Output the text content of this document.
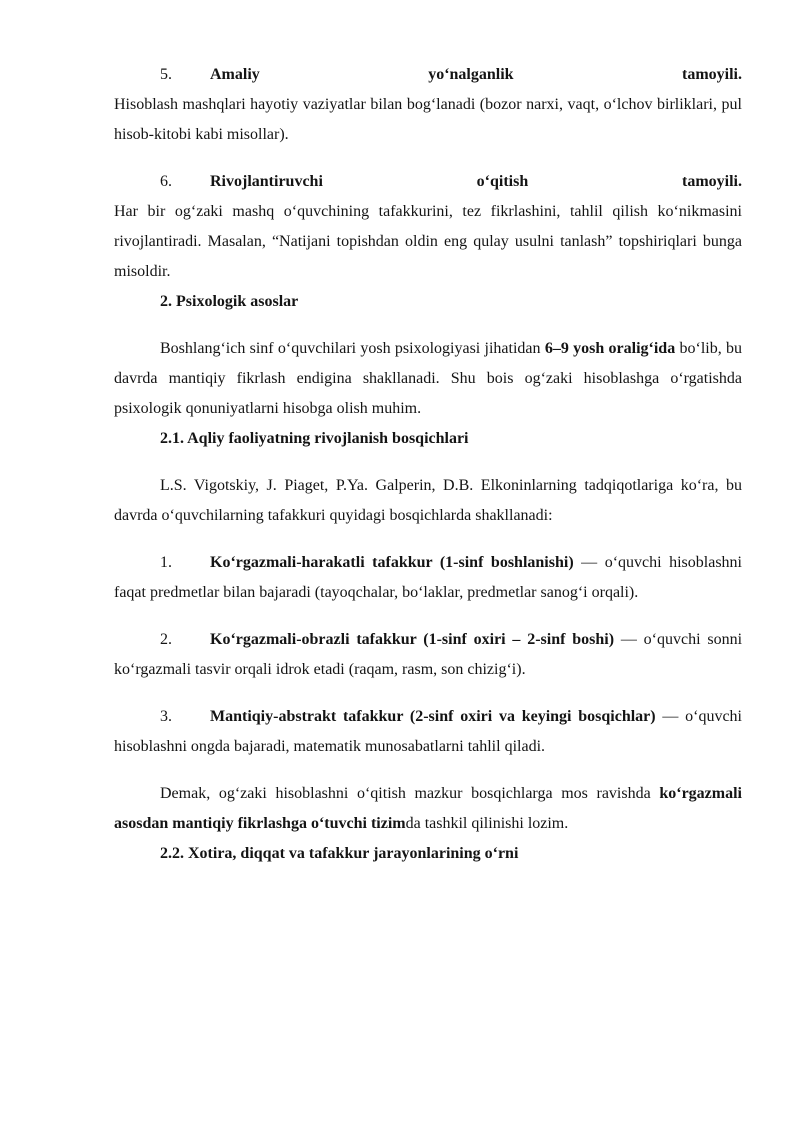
5.	Amaliy	yo‘nalganlik	tamoyili.

Hisoblash mashqlari hayotiy vaziyatlar bilan bog‘lanadi (bozor narxi, vaqt, o‘lchov birliklari, pul hisob-kitobi kabi misollar).

6.	Rivojlantiruvchi	o‘qitish	tamoyili.

Har bir og‘zaki mashq o‘quvchining tafakkurini, tez fikrlashini, tahlil qilish ko‘nikmasini rivojlantiradi. Masalan, “Natijani topishdan oldin eng qulay usulni tanlash” topshiriqlari bunga misoldir.

2. Psixologik asoslar

Boshlang‘ich sinf o‘quvchilari yosh psixologiyasi jihatidan 6–9 yosh oralig‘ida bo‘lib, bu davrda mantiqiy fikrlash endigina shakllanadi. Shu bois og‘zaki hisoblashga o‘rgatishda psixologik qonuniyatlarni hisobga olish muhim.

2.1. Aqliy faoliyatning rivojlanish bosqichlari

L.S. Vigotskiy, J. Piaget, P.Ya. Galperin, D.B. Elkoninlarning tadqiqotlariga ko‘ra, bu davrda o‘quvchilarning tafakkuri quyidagi bosqichlarda shakllanadi:

1. Ko‘rgazmali-harakatli tafakkur (1-sinf boshlanishi) — o‘quvchi hisoblashni faqat predmetlar bilan bajaradi (tayoqchalar, bo‘laklar, predmetlar sanog‘i orqali).

2. Ko‘rgazmali-obrazli tafakkur (1-sinf oxiri – 2-sinf boshi) — o‘quvchi sonni ko‘rgazmali tasvir orqali idrok etadi (raqam, rasm, son chizig‘i).

3. Mantiqiy-abstrakt tafakkur (2-sinf oxiri va keyingi bosqichlar) — o‘quvchi hisoblashni ongda bajaradi, matematik munosabatlarni tahlil qiladi.

Demak, og‘zaki hisoblashni o‘qitish mazkur bosqichlarga mos ravishda ko‘rgazmali asosdan mantiqiy fikrlashga o‘tuvchi tizimda tashkil qilinishi lozim.

2.2. Xotira, diqqat va tafakkur jarayonlarining o‘rni
